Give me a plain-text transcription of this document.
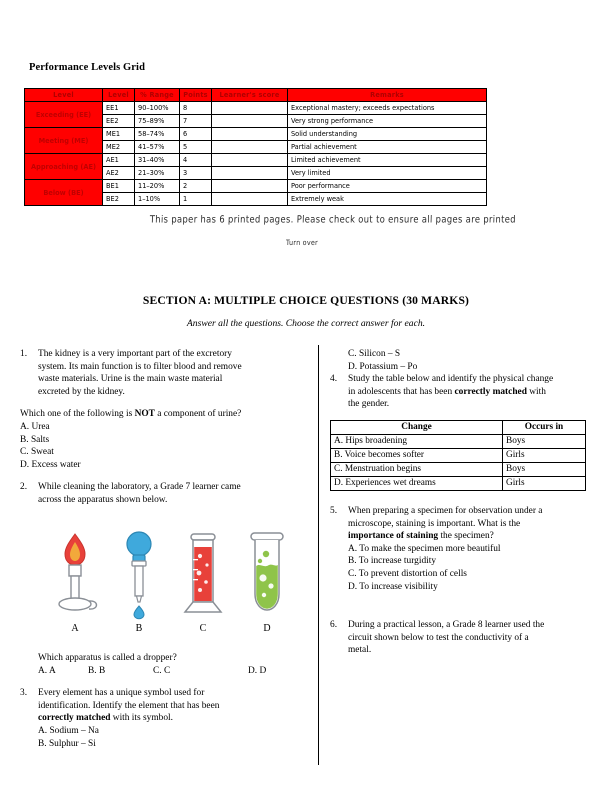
Performance Levels Grid
Level	Level	% Range	Points	Learner's score	Remarks
Exceeding (EE)	EE1	90–100%	8		Exceptional mastery; exceeds expectations
	EE2	75–89%	7		Very strong performance
Meeting (ME)	ME1	58–74%	6		Solid understanding
	ME2	41–57%	5		Partial achievement
Approaching (AE)	AE1	31–40%	4		Limited achievement
	AE2	21–30%	3		Very limited
Below (BE)	BE1	11–20%	2		Poor performance
	BE2	1–10%	1		Extremely weak
This paper has 6 printed pages. Please check out to ensure all pages are printed
Turn over
SECTION A: MULTIPLE CHOICE QUESTIONS (30 MARKS)
Answer all the questions. Choose the correct answer for each.
1.	The kidney is a very important part of the excretory
system. Its main function is to filter blood and remove
waste materials. Urine is the main waste material
excreted by the kidney.
Which one of the following is NOT a component of urine?
A. Urea
B. Salts
C. Sweat
D. Excess water
2.	While cleaning the laboratory, a Grade 7 learner came
across the apparatus shown below.
A	B	C	D
Which apparatus is called a dropper?
A. A	B. B	C. C	D. D
3.	Every element has a unique symbol used for
identification. Identify the element that has been
correctly matched with its symbol.
A. Sodium – Na
B. Sulphur – Si
C. Silicon – S
D. Potassium – Po
4.	Study the table below and identify the physical change
in adolescents that has been correctly matched with
the gender.
Change	Occurs in
A. Hips broadening	Boys
B. Voice becomes softer	Girls
C. Menstruation begins	Boys
D. Experiences wet dreams	Girls
5.	When preparing a specimen for observation under a
microscope, staining is important. What is the
importance of staining the specimen?
A. To make the specimen more beautiful
B. To increase turgidity
C. To prevent distortion of cells
D. To increase visibility
6.	During a practical lesson, a Grade 8 learner used the
circuit shown below to test the conductivity of a
metal.
